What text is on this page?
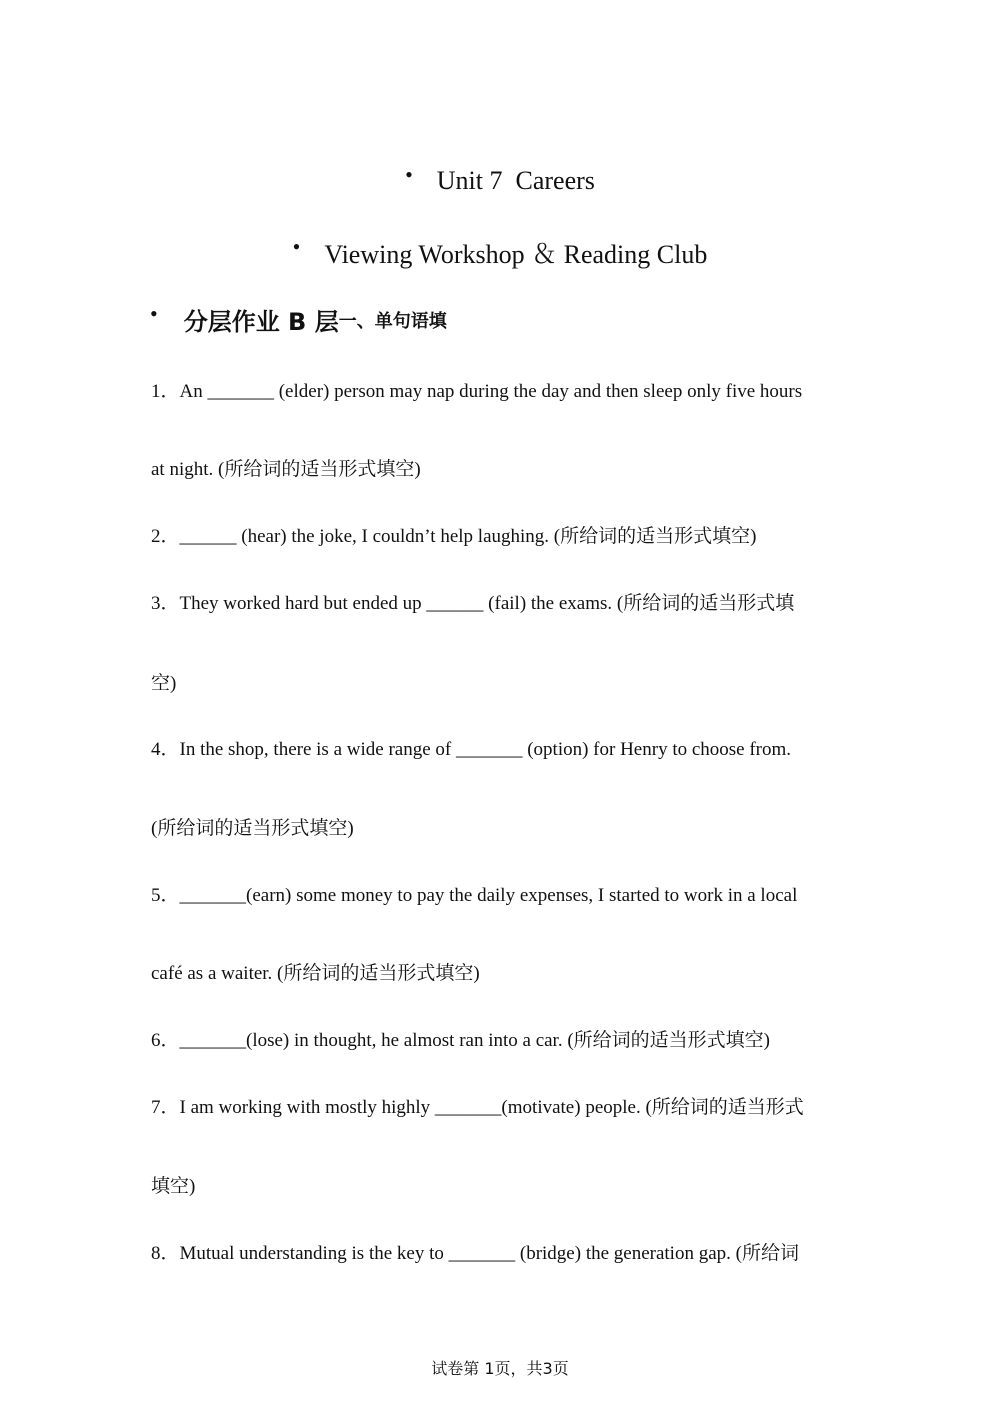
• Unit 7  Careers
• Viewing Workshop ＆ Reading Club
• 分层作业 B 层 一、单句语填
1．An _______ (elder) person may nap during the day and then sleep only five hours
at night. (所给词的适当形式填空)
2．______ (hear) the joke, I couldn’t help laughing. (所给词的适当形式填空)
3．They worked hard but ended up ______ (fail) the exams. (所给词的适当形式填
空)
4．In the shop, there is a wide range of _______ (option) for Henry to choose from.
(所给词的适当形式填空)
5．_______(earn) some money to pay the daily expenses, I started to work in a local
café as a waiter. (所给词的适当形式填空)
6．_______(lose) in thought, he almost ran into a car. (所给词的适当形式填空)
7．I am working with mostly highly _______(motivate) people. (所给词的适当形式
填空)
8．Mutual understanding is the key to _______ (bridge) the generation gap. (所给词
试卷第 1页，共3页
